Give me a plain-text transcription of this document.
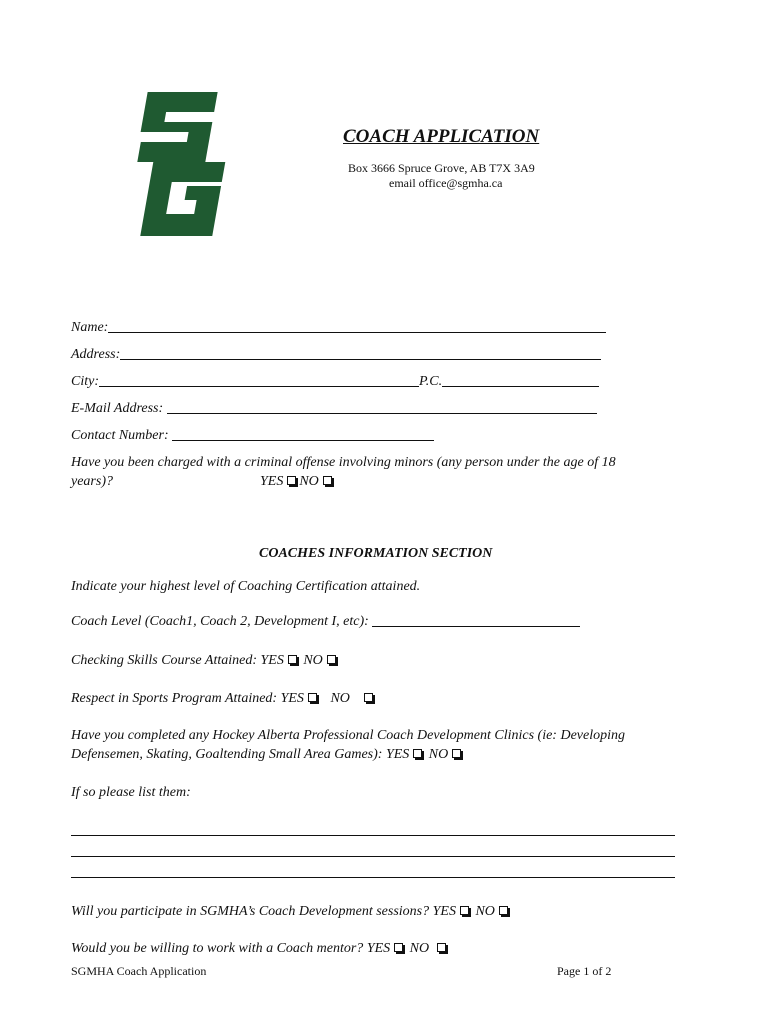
COACH APPLICATION
Box 3666 Spruce Grove, AB T7X 3A9
email office@sgmha.ca
Name:
Address:
City:	P.C.
E-Mail Address:
Contact Number:
Have you been charged with a criminal offense involving minors (any person under the age of 18
years)?	YES NO
COACHES INFORMATION SECTION
Indicate your highest level of Coaching Certification attained.
Coach Level (Coach1, Coach 2, Development I, etc):
Checking Skills Course Attained: YES NO
Respect in Sports Program Attained: YES NO
Have you completed any Hockey Alberta Professional Coach Development Clinics (ie: Developing
Defensemen, Skating, Goaltending Small Area Games): YES NO
If so please list them:
Will you participate in SGMHA’s Coach Development sessions? YES NO
Would you be willing to work with a Coach mentor? YES NO
SGMHA Coach Application	Page 1 of 2
